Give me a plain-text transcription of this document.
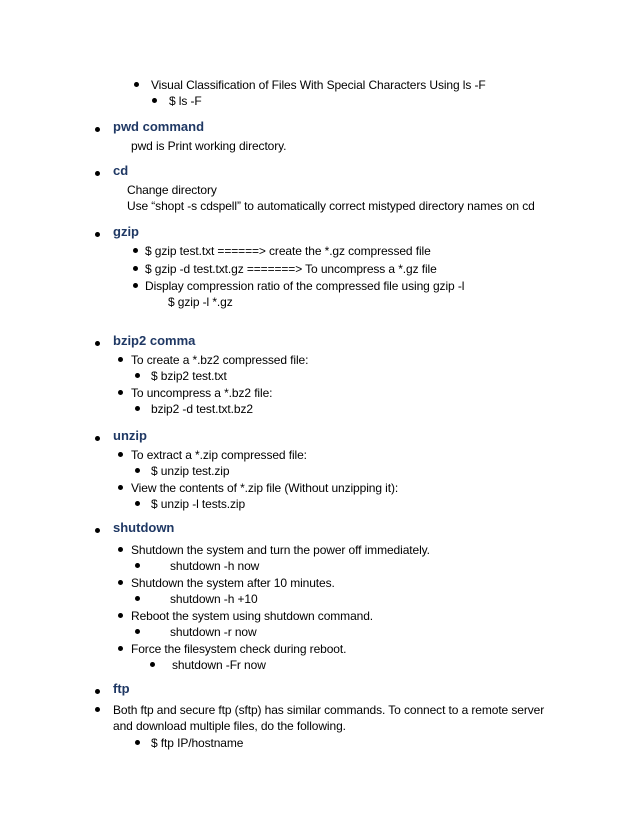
Visual Classification of Files With Special Characters Using ls -F
$ ls -F
pwd command
pwd is Print working directory.
cd
Change directory
Use “shopt -s cdspell” to automatically correct mistyped directory names on cd
gzip
$ gzip test.txt ======> create the *.gz compressed file
$ gzip -d test.txt.gz =======> To uncompress a *.gz file
Display compression ratio of the compressed file using gzip -l
$ gzip -l *.gz
bzip2 comma
To create a *.bz2 compressed file:
$ bzip2 test.txt
To uncompress a *.bz2 file:
bzip2 -d test.txt.bz2
unzip
To extract a *.zip compressed file:
$ unzip test.zip
View the contents of *.zip file (Without unzipping it):
$ unzip -l tests.zip
shutdown
Shutdown the system and turn the power off immediately.
shutdown -h now
Shutdown the system after 10 minutes.
shutdown -h +10
Reboot the system using shutdown command.
shutdown -r now
Force the filesystem check during reboot.
shutdown -Fr now
ftp
Both ftp and secure ftp (sftp) has similar commands. To connect to a remote server
and download multiple files, do the following.
$ ftp IP/hostname
